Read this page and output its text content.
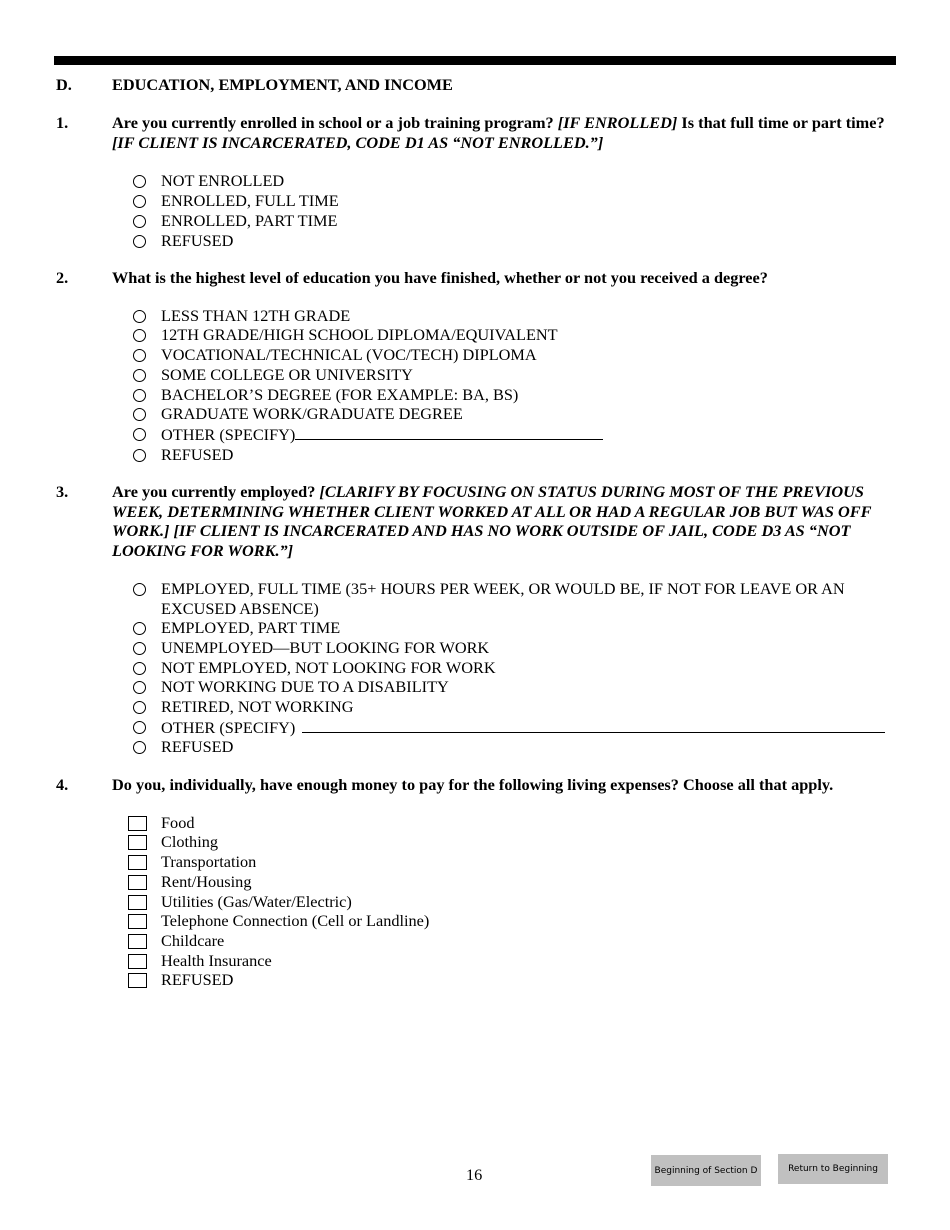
D.	EDUCATION, EMPLOYMENT, AND INCOME
1.	Are you currently enrolled in school or a job training program? [IF ENROLLED] Is that full time or part time? [IF CLIENT IS INCARCERATED, CODE D1 AS “NOT ENROLLED.”]
NOT ENROLLED
ENROLLED, FULL TIME
ENROLLED, PART TIME
REFUSED
2.	What is the highest level of education you have finished, whether or not you received a degree?
LESS THAN 12TH GRADE
12TH GRADE/HIGH SCHOOL DIPLOMA/EQUIVALENT
VOCATIONAL/TECHNICAL (VOC/TECH) DIPLOMA
SOME COLLEGE OR UNIVERSITY
BACHELOR’S DEGREE (FOR EXAMPLE: BA, BS)
GRADUATE WORK/GRADUATE DEGREE
OTHER (SPECIFY)
REFUSED
3.	Are you currently employed? [CLARIFY BY FOCUSING ON STATUS DURING MOST OF THE PREVIOUS WEEK, DETERMINING WHETHER CLIENT WORKED AT ALL OR HAD A REGULAR JOB BUT WAS OFF WORK.] [IF CLIENT IS INCARCERATED AND HAS NO WORK OUTSIDE OF JAIL, CODE D3 AS “NOT LOOKING FOR WORK.”]
EMPLOYED, FULL TIME (35+ HOURS PER WEEK, OR WOULD BE, IF NOT FOR LEAVE OR AN EXCUSED ABSENCE)
EMPLOYED, PART TIME
UNEMPLOYED—BUT LOOKING FOR WORK
NOT EMPLOYED, NOT LOOKING FOR WORK
NOT WORKING DUE TO A DISABILITY
RETIRED, NOT WORKING
OTHER (SPECIFY)
REFUSED
4.	Do you, individually, have enough money to pay for the following living expenses? Choose all that apply.
Food
Clothing
Transportation
Rent/Housing
Utilities (Gas/Water/Electric)
Telephone Connection (Cell or Landline)
Childcare
Health Insurance
REFUSED
16	Beginning of Section D	Return to Beginning
